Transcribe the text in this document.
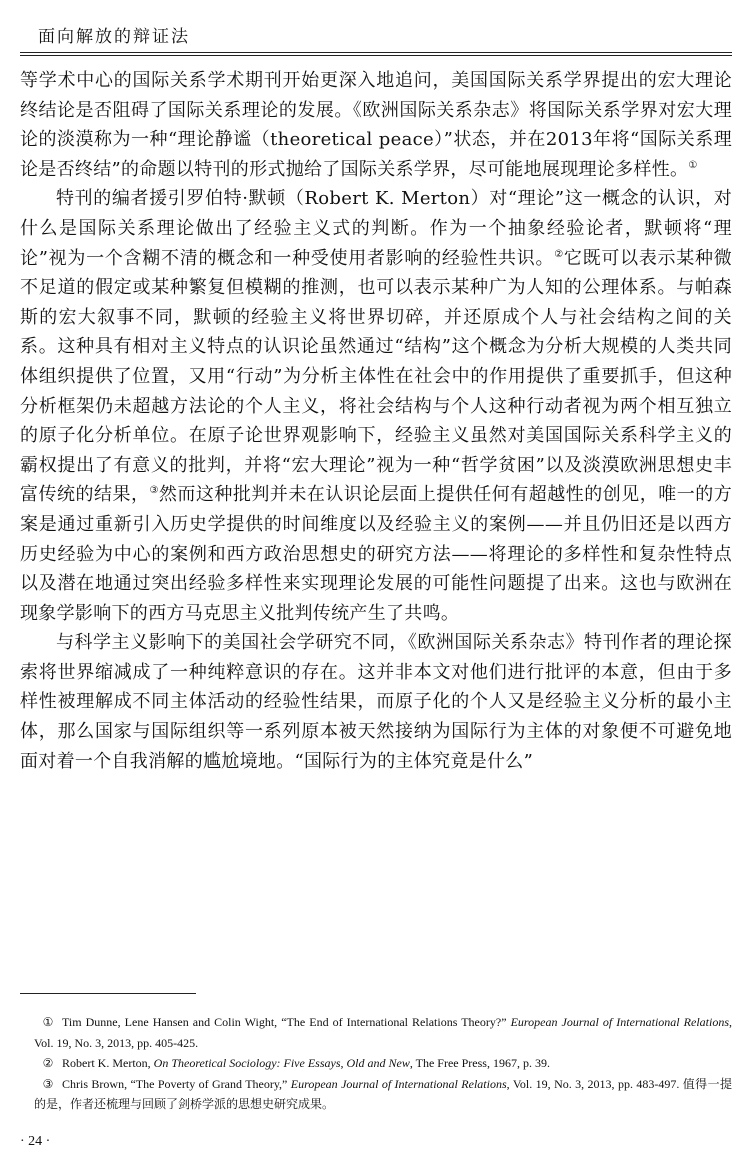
面向解放的辩证法

等学术中心的国际关系学术期刊开始更深入地追问，美国国际关系学界提出的宏大理论终结论是否阻碍了国际关系理论的发展。《欧洲国际关系杂志》将国际关系学界对宏大理论的淡漠称为一种“理论静谧（theoretical peace）”状态，并在2013年将“国际关系理论是否终结”的命题以特刊的形式抛给了国际关系学界，尽可能地展现理论多样性。①

特刊的编者援引罗伯特·默顿（Robert K. Merton）对“理论”这一概念的认识，对什么是国际关系理论做出了经验主义式的判断。作为一个抽象经验论者，默顿将“理论”视为一个含糊不清的概念和一种受使用者影响的经验性共识。②它既可以表示某种微不足道的假定或某种繁复但模糊的推测，也可以表示某种广为人知的公理体系。与帕森斯的宏大叙事不同，默顿的经验主义将世界切碎，并还原成个人与社会结构之间的关系。这种具有相对主义特点的认识论虽然通过“结构”这个概念为分析大规模的人类共同体组织提供了位置，又用“行动”为分析主体性在社会中的作用提供了重要抓手，但这种分析框架仍未超越方法论的个人主义，将社会结构与个人这种行动者视为两个相互独立的原子化分析单位。在原子论世界观影响下，经验主义虽然对美国国际关系科学主义的霸权提出了有意义的批判，并将“宏大理论”视为一种“哲学贫困”以及淡漠欧洲思想史丰富传统的结果，③然而这种批判并未在认识论层面上提供任何有超越性的创见，唯一的方案是通过重新引入历史学提供的时间维度以及经验主义的案例——并且仍旧还是以西方历史经验为中心的案例和西方政治思想史的研究方法——将理论的多样性和复杂性特点以及潜在地通过突出经验多样性来实现理论发展的可能性问题提了出来。这也与欧洲在现象学影响下的西方马克思主义批判传统产生了共鸣。

与科学主义影响下的美国社会学研究不同，《欧洲国际关系杂志》特刊作者的理论探索将世界缩减成了一种纯粹意识的存在。这并非本文对他们进行批评的本意，但由于多样性被理解成不同主体活动的经验性结果，而原子化的个人又是经验主义分析的最小主体，那么国家与国际组织等一系列原本被天然接纳为国际行为主体的对象便不可避免地面对着一个自我消解的尴尬境地。“国际行为的主体究竟是什么”

① Tim Dunne, Lene Hansen and Colin Wight, “The End of International Relations Theory?” European Journal of International Relations, Vol. 19, No. 3, 2013, pp. 405-425.

② Robert K. Merton, On Theoretical Sociology: Five Essays, Old and New, The Free Press, 1967, p. 39.

③ Chris Brown, “The Poverty of Grand Theory,” European Journal of International Relations, Vol. 19, No. 3, 2013, pp. 483-497. 值得一提的是，作者还梳理与回顾了剑桥学派的思想史研究成果。

· 24 ·
